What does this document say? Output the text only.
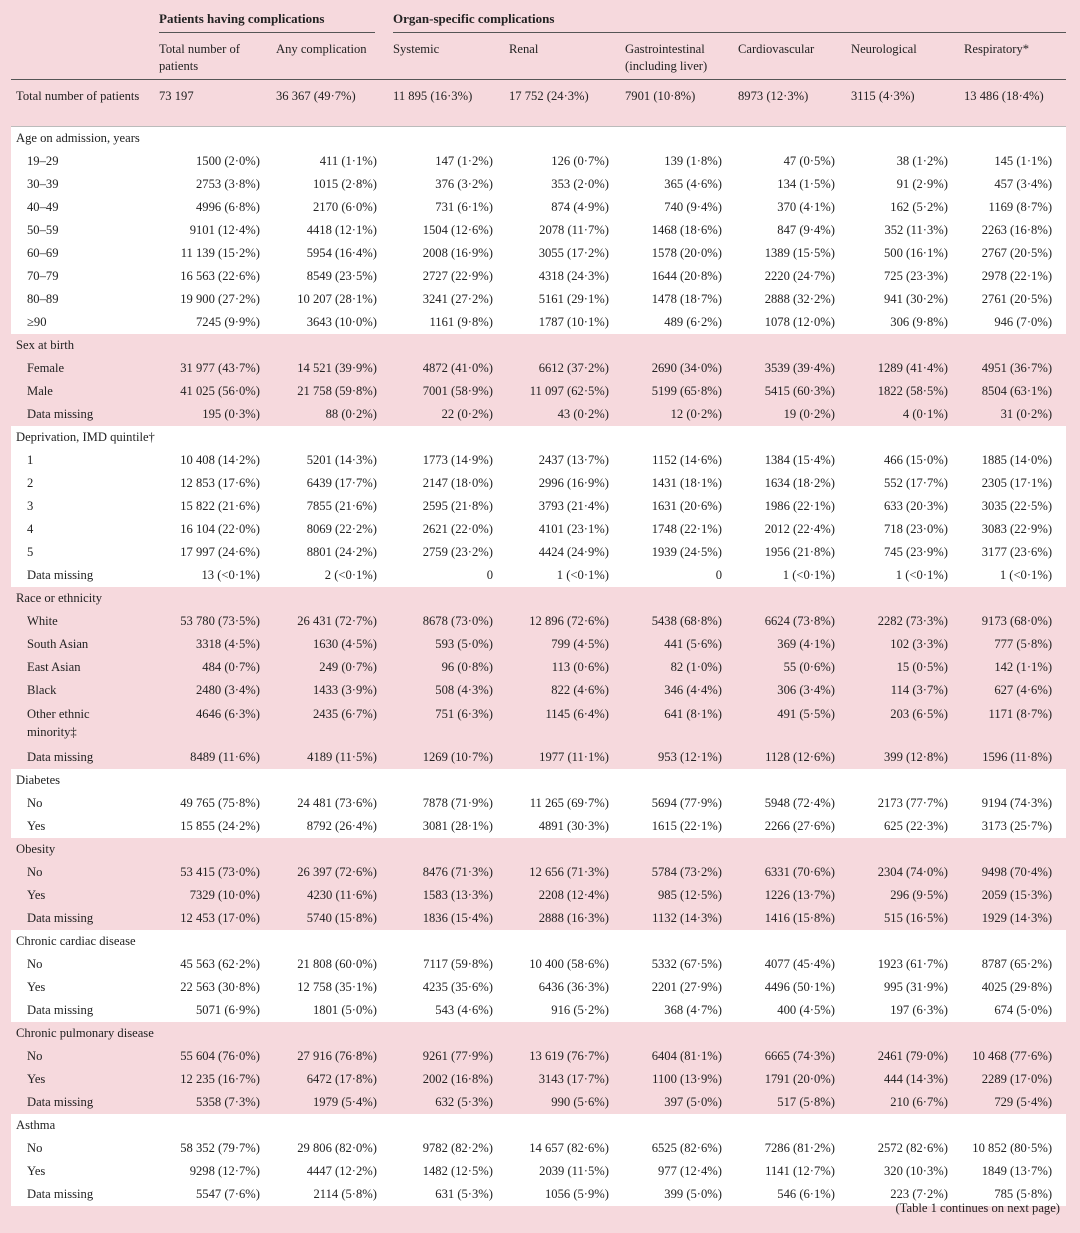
	Patients having complications		Organ-specific complications					

	Total number of patients	Any complication	Systemic	Renal	Gastrointestinal (including liver)	Cardiovascular	Neurological	Respiratory*
Total number of patients	73 197	36 367 (49·7%)	11 895 (16·3%)	17 752 (24·3%)	7901 (10·8%)	8973 (12·3%)	3115 (4·3%)	13 486 (18·4%)
Age on admission, years								
19–29	1500 (2·0%)	411 (1·1%)	147 (1·2%)	126 (0·7%)	139 (1·8%)	47 (0·5%)	38 (1·2%)	145 (1·1%)
30–39	2753 (3·8%)	1015 (2·8%)	376 (3·2%)	353 (2·0%)	365 (4·6%)	134 (1·5%)	91 (2·9%)	457 (3·4%)
40–49	4996 (6·8%)	2170 (6·0%)	731 (6·1%)	874 (4·9%)	740 (9·4%)	370 (4·1%)	162 (5·2%)	1169 (8·7%)
50–59	9101 (12·4%)	4418 (12·1%)	1504 (12·6%)	2078 (11·7%)	1468 (18·6%)	847 (9·4%)	352 (11·3%)	2263 (16·8%)
60–69	11 139 (15·2%)	5954 (16·4%)	2008 (16·9%)	3055 (17·2%)	1578 (20·0%)	1389 (15·5%)	500 (16·1%)	2767 (20·5%)
70–79	16 563 (22·6%)	8549 (23·5%)	2727 (22·9%)	4318 (24·3%)	1644 (20·8%)	2220 (24·7%)	725 (23·3%)	2978 (22·1%)
80–89	19 900 (27·2%)	10 207 (28·1%)	3241 (27·2%)	5161 (29·1%)	1478 (18·7%)	2888 (32·2%)	941 (30·2%)	2761 (20·5%)
≥90	7245 (9·9%)	3643 (10·0%)	1161 (9·8%)	1787 (10·1%)	489 (6·2%)	1078 (12·0%)	306 (9·8%)	946 (7·0%)
Sex at birth								
Female	31 977 (43·7%)	14 521 (39·9%)	4872 (41·0%)	6612 (37·2%)	2690 (34·0%)	3539 (39·4%)	1289 (41·4%)	4951 (36·7%)
Male	41 025 (56·0%)	21 758 (59·8%)	7001 (58·9%)	11 097 (62·5%)	5199 (65·8%)	5415 (60·3%)	1822 (58·5%)	8504 (63·1%)
Data missing	195 (0·3%)	88 (0·2%)	22 (0·2%)	43 (0·2%)	12 (0·2%)	19 (0·2%)	4 (0·1%)	31 (0·2%)
Deprivation, IMD quintile†								
1	10 408 (14·2%)	5201 (14·3%)	1773 (14·9%)	2437 (13·7%)	1152 (14·6%)	1384 (15·4%)	466 (15·0%)	1885 (14·0%)
2	12 853 (17·6%)	6439 (17·7%)	2147 (18·0%)	2996 (16·9%)	1431 (18·1%)	1634 (18·2%)	552 (17·7%)	2305 (17·1%)
3	15 822 (21·6%)	7855 (21·6%)	2595 (21·8%)	3793 (21·4%)	1631 (20·6%)	1986 (22·1%)	633 (20·3%)	3035 (22·5%)
4	16 104 (22·0%)	8069 (22·2%)	2621 (22·0%)	4101 (23·1%)	1748 (22·1%)	2012 (22·4%)	718 (23·0%)	3083 (22·9%)
5	17 997 (24·6%)	8801 (24·2%)	2759 (23·2%)	4424 (24·9%)	1939 (24·5%)	1956 (21·8%)	745 (23·9%)	3177 (23·6%)
Data missing	13 (<0·1%)	2 (<0·1%)	0	1 (<0·1%)	0	1 (<0·1%)	1 (<0·1%)	1 (<0·1%)
Race or ethnicity								
White	53 780 (73·5%)	26 431 (72·7%)	8678 (73·0%)	12 896 (72·6%)	5438 (68·8%)	6624 (73·8%)	2282 (73·3%)	9173 (68·0%)
South Asian	3318 (4·5%)	1630 (4·5%)	593 (5·0%)	799 (4·5%)	441 (5·6%)	369 (4·1%)	102 (3·3%)	777 (5·8%)
East Asian	484 (0·7%)	249 (0·7%)	96 (0·8%)	113 (0·6%)	82 (1·0%)	55 (0·6%)	15 (0·5%)	142 (1·1%)
Black	2480 (3·4%)	1433 (3·9%)	508 (4·3%)	822 (4·6%)	346 (4·4%)	306 (3·4%)	114 (3·7%)	627 (4·6%)
Other ethnic minority‡	4646 (6·3%)	2435 (6·7%)	751 (6·3%)	1145 (6·4%)	641 (8·1%)	491 (5·5%)	203 (6·5%)	1171 (8·7%)
Data missing	8489 (11·6%)	4189 (11·5%)	1269 (10·7%)	1977 (11·1%)	953 (12·1%)	1128 (12·6%)	399 (12·8%)	1596 (11·8%)
Diabetes								
No	49 765 (75·8%)	24 481 (73·6%)	7878 (71·9%)	11 265 (69·7%)	5694 (77·9%)	5948 (72·4%)	2173 (77·7%)	9194 (74·3%)
Yes	15 855 (24·2%)	8792 (26·4%)	3081 (28·1%)	4891 (30·3%)	1615 (22·1%)	2266 (27·6%)	625 (22·3%)	3173 (25·7%)
Obesity								
No	53 415 (73·0%)	26 397 (72·6%)	8476 (71·3%)	12 656 (71·3%)	5784 (73·2%)	6331 (70·6%)	2304 (74·0%)	9498 (70·4%)
Yes	7329 (10·0%)	4230 (11·6%)	1583 (13·3%)	2208 (12·4%)	985 (12·5%)	1226 (13·7%)	296 (9·5%)	2059 (15·3%)
Data missing	12 453 (17·0%)	5740 (15·8%)	1836 (15·4%)	2888 (16·3%)	1132 (14·3%)	1416 (15·8%)	515 (16·5%)	1929 (14·3%)
Chronic cardiac disease								
No	45 563 (62·2%)	21 808 (60·0%)	7117 (59·8%)	10 400 (58·6%)	5332 (67·5%)	4077 (45·4%)	1923 (61·7%)	8787 (65·2%)
Yes	22 563 (30·8%)	12 758 (35·1%)	4235 (35·6%)	6436 (36·3%)	2201 (27·9%)	4496 (50·1%)	995 (31·9%)	4025 (29·8%)
Data missing	5071 (6·9%)	1801 (5·0%)	543 (4·6%)	916 (5·2%)	368 (4·7%)	400 (4·5%)	197 (6·3%)	674 (5·0%)
Chronic pulmonary disease								
No	55 604 (76·0%)	27 916 (76·8%)	9261 (77·9%)	13 619 (76·7%)	6404 (81·1%)	6665 (74·3%)	2461 (79·0%)	10 468 (77·6%)
Yes	12 235 (16·7%)	6472 (17·8%)	2002 (16·8%)	3143 (17·7%)	1100 (13·9%)	1791 (20·0%)	444 (14·3%)	2289 (17·0%)
Data missing	5358 (7·3%)	1979 (5·4%)	632 (5·3%)	990 (5·6%)	397 (5·0%)	517 (5·8%)	210 (6·7%)	729 (5·4%)
Asthma								
No	58 352 (79·7%)	29 806 (82·0%)	9782 (82·2%)	14 657 (82·6%)	6525 (82·6%)	7286 (81·2%)	2572 (82·6%)	10 852 (80·5%)
Yes	9298 (12·7%)	4447 (12·2%)	1482 (12·5%)	2039 (11·5%)	977 (12·4%)	1141 (12·7%)	320 (10·3%)	1849 (13·7%)
Data missing	5547 (7·6%)	2114 (5·8%)	631 (5·3%)	1056 (5·9%)	399 (5·0%)	546 (6·1%)	223 (7·2%)	785 (5·8%)
(Table 1 continues on next page)
